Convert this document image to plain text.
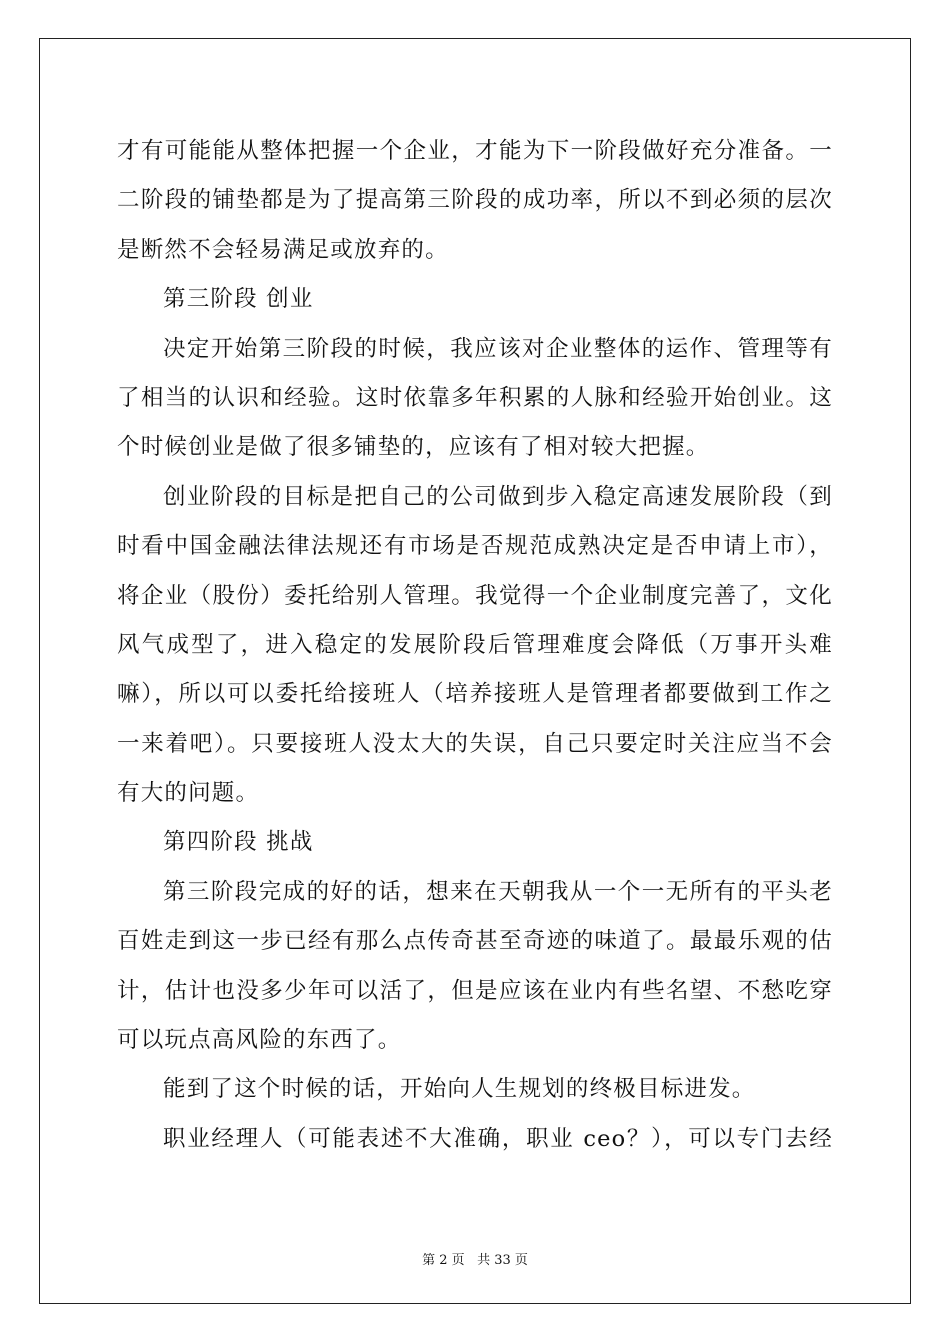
才有可能能从整体把握一个企业，才能为下一阶段做好充分准备。一
二阶段的铺垫都是为了提高第三阶段的成功率，所以不到必须的层次
是断然不会轻易满足或放弃的。
第三阶段 创业
决定开始第三阶段的时候，我应该对企业整体的运作、管理等有
了相当的认识和经验。这时依靠多年积累的人脉和经验开始创业。这
个时候创业是做了很多铺垫的，应该有了相对较大把握。
创业阶段的目标是把自己的公司做到步入稳定高速发展阶段（到
时看中国金融法律法规还有市场是否规范成熟决定是否申请上市），
将企业（股份）委托给别人管理。我觉得一个企业制度完善了，文化
风气成型了，进入稳定的发展阶段后管理难度会降低（万事开头难
嘛），所以可以委托给接班人（培养接班人是管理者都要做到工作之
一来着吧）。只要接班人没太大的失误，自己只要定时关注应当不会
有大的问题。
第四阶段 挑战
第三阶段完成的好的话，想来在天朝我从一个一无所有的平头老
百姓走到这一步已经有那么点传奇甚至奇迹的味道了。最最乐观的估
计，估计也没多少年可以活了，但是应该在业内有些名望、不愁吃穿
可以玩点高风险的东西了。
能到了这个时候的话，开始向人生规划的终极目标进发。
职业经理人（可能表述不大准确，职业 ceo？），可以专门去经
第 2 页 共 33 页
